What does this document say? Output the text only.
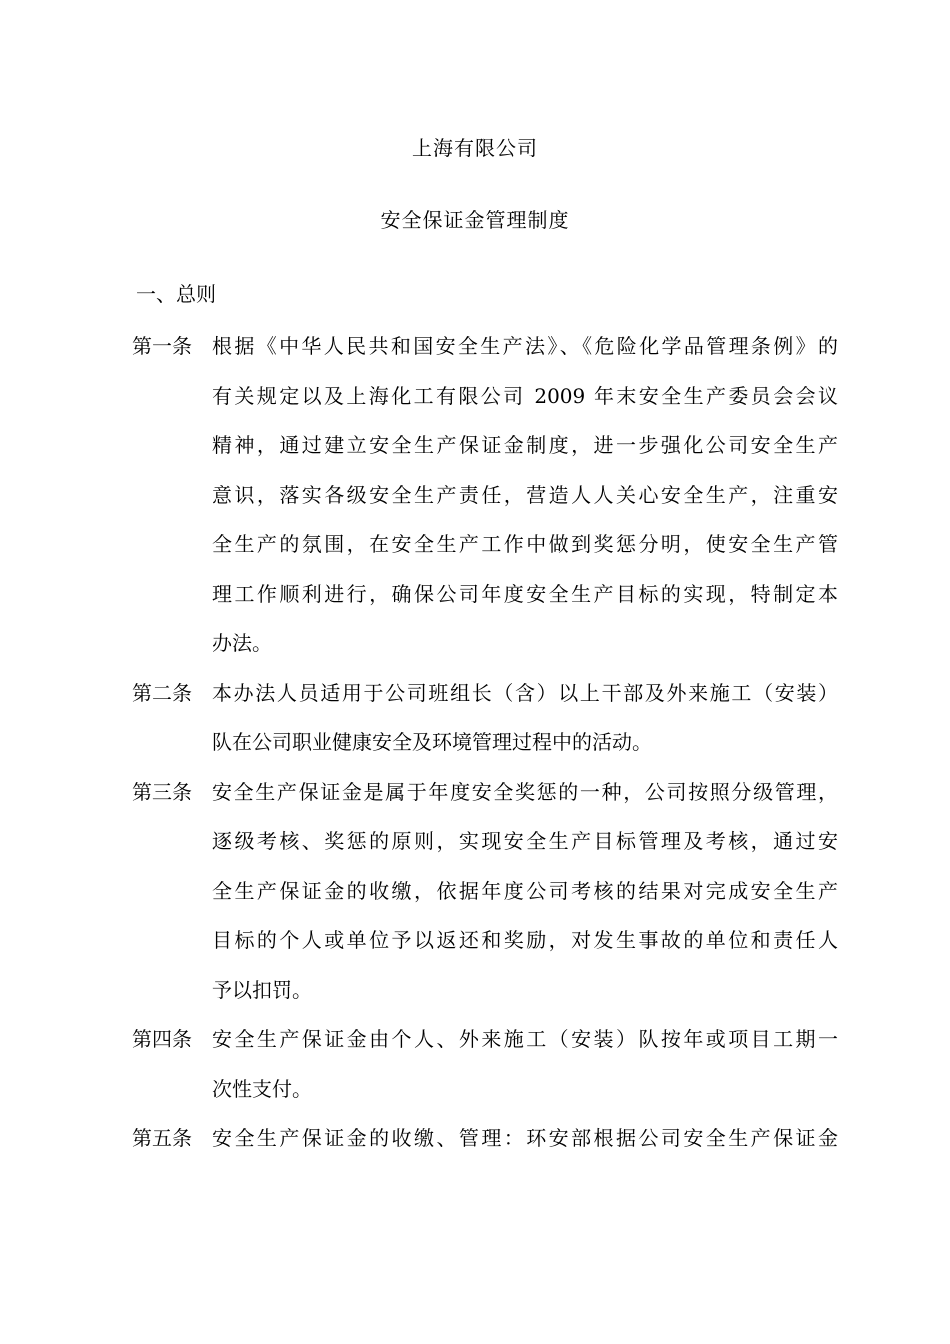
上海有限公司
安全保证金管理制度
一、总则
第一条	根据《中华人民共和国安全生产法》、《危险化学品管理条例》的
有关规定以及上海化工有限公司 2009 年末安全生产委员会会议
精神，通过建立安全生产保证金制度，进一步强化公司安全生产
意识，落实各级安全生产责任，营造人人关心安全生产，注重安
全生产的氛围，在安全生产工作中做到奖惩分明，使安全生产管
理工作顺利进行，确保公司年度安全生产目标的实现，特制定本
办法。
第二条	本办法人员适用于公司班组长（含）以上干部及外来施工（安装）
队在公司职业健康安全及环境管理过程中的活动。
第三条	安全生产保证金是属于年度安全奖惩的一种，公司按照分级管理，
逐级考核、奖惩的原则，实现安全生产目标管理及考核，通过安
全生产保证金的收缴，依据年度公司考核的结果对完成安全生产
目标的个人或单位予以返还和奖励，对发生事故的单位和责任人
予以扣罚。
第四条	安全生产保证金由个人、外来施工（安装）队按年或项目工期一
次性支付。
第五条	安全生产保证金的收缴、管理：环安部根据公司安全生产保证金
